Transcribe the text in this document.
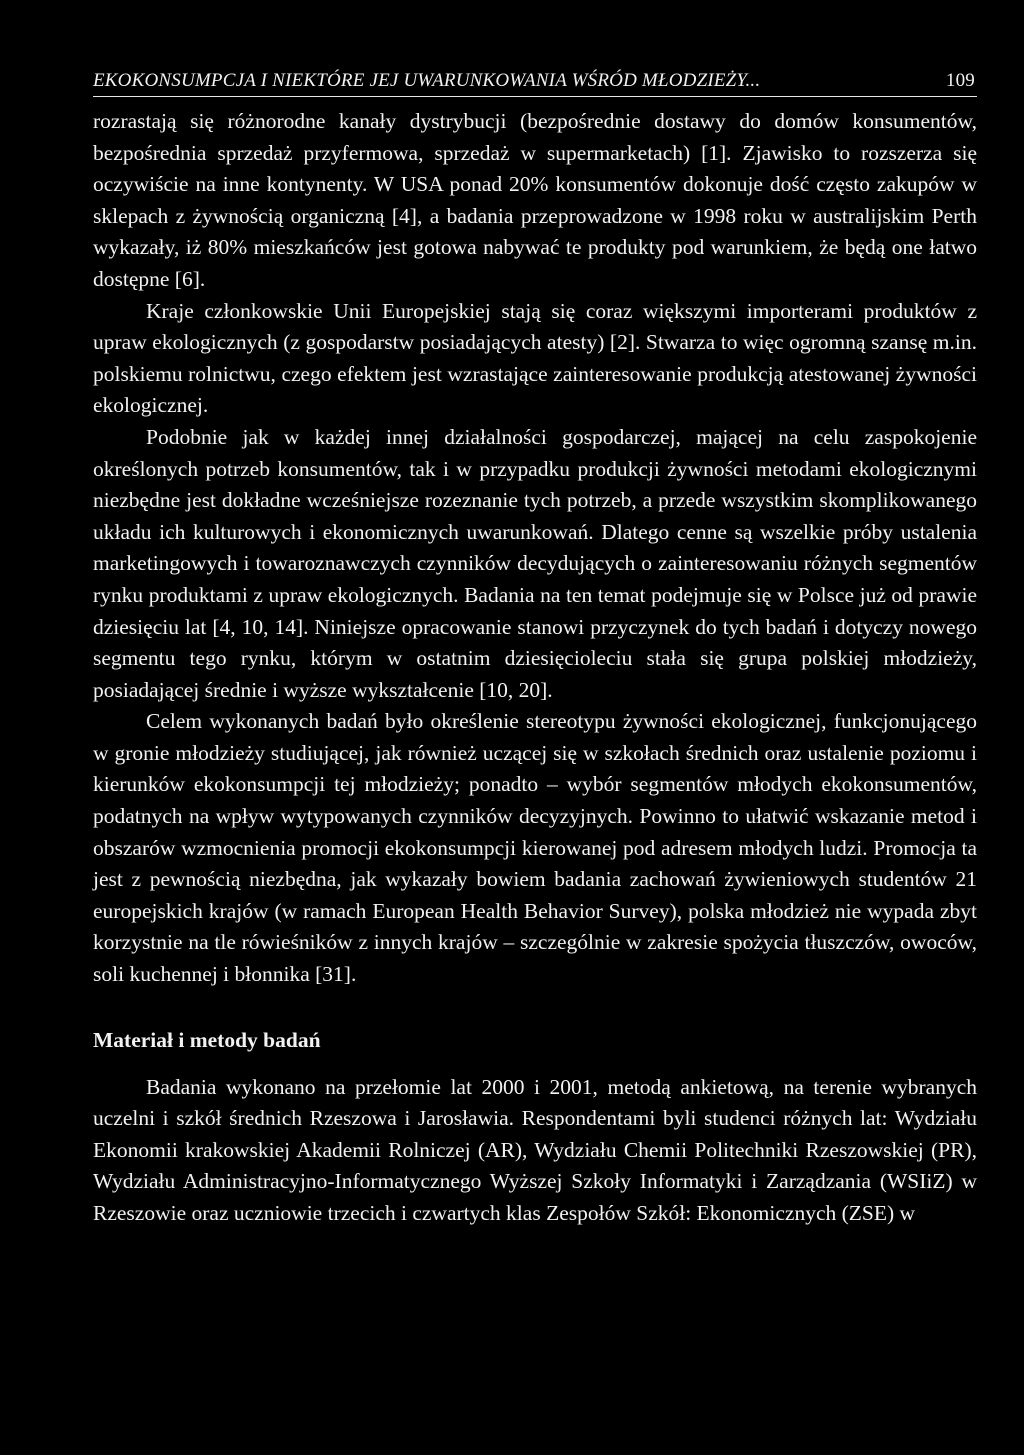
EKOKONSUMPCJA I NIEKTÓRE JEJ UWARUNKOWANIA WŚRÓD MŁODZIEŻY...	109

rozrastają się różnorodne kanały dystrybucji (bezpośrednie dostawy do domów konsumentów, bezpośrednia sprzedaż przyfermowa, sprzedaż w supermarketach) [1]. Zjawisko to rozszerza się oczywiście na inne kontynenty. W USA ponad 20% konsumentów dokonuje dość często zakupów w sklepach z żywnością organiczną [4], a badania przeprowadzone w 1998 roku w australijskim Perth wykazały, iż 80% mieszkańców jest gotowa nabywać te produkty pod warunkiem, że będą one łatwo dostępne [6].

Kraje członkowskie Unii Europejskiej stają się coraz większymi importerami produktów z upraw ekologicznych (z gospodarstw posiadających atesty) [2]. Stwarza to więc ogromną szansę m.in. polskiemu rolnictwu, czego efektem jest wzrastające zainteresowanie produkcją atestowanej żywności ekologicznej.

Podobnie jak w każdej innej działalności gospodarczej, mającej na celu zaspokojenie określonych potrzeb konsumentów, tak i w przypadku produkcji żywności metodami ekologicznymi niezbędne jest dokładne wcześniejsze rozeznanie tych potrzeb, a przede wszystkim skomplikowanego układu ich kulturowych i ekonomicznych uwarunkowań. Dlatego cenne są wszelkie próby ustalenia marketingowych i towaroznawczych czynników decydujących o zainteresowaniu różnych segmentów rynku produktami z upraw ekologicznych. Badania na ten temat podejmuje się w Polsce już od prawie dziesięciu lat [4, 10, 14]. Niniejsze opracowanie stanowi przyczynek do tych badań i dotyczy nowego segmentu tego rynku, którym w ostatnim dziesięcioleciu stała się grupa polskiej młodzieży, posiadającej średnie i wyższe wykształcenie [10, 20].

Celem wykonanych badań było określenie stereotypu żywności ekologicznej, funkcjonującego w gronie młodzieży studiującej, jak również uczącej się w szkołach średnich oraz ustalenie poziomu i kierunków ekokonsumpcji tej młodzieży; ponadto – wybór segmentów młodych ekokonsumentów, podatnych na wpływ wytypowanych czynników decyzyjnych. Powinno to ułatwić wskazanie metod i obszarów wzmocnienia promocji ekokonsumpcji kierowanej pod adresem młodych ludzi. Promocja ta jest z pewnością niezbędna, jak wykazały bowiem badania zachowań żywieniowych studentów 21 europejskich krajów (w ramach European Health Behavior Survey), polska młodzież nie wypada zbyt korzystnie na tle rówieśników z innych krajów – szczególnie w zakresie spożycia tłuszczów, owoców, soli kuchennej i błonnika [31].

Materiał i metody badań

Badania wykonano na przełomie lat 2000 i 2001, metodą ankietową, na terenie wybranych uczelni i szkół średnich Rzeszowa i Jarosławia. Respondentami byli studenci różnych lat: Wydziału Ekonomii krakowskiej Akademii Rolniczej (AR), Wydziału Chemii Politechniki Rzeszowskiej (PR), Wydziału Administracyjno-Informatycznego Wyższej Szkoły Informatyki i Zarządzania (WSIiZ) w Rzeszowie oraz uczniowie trzecich i czwartych klas Zespołów Szkół: Ekonomicznych (ZSE) w
